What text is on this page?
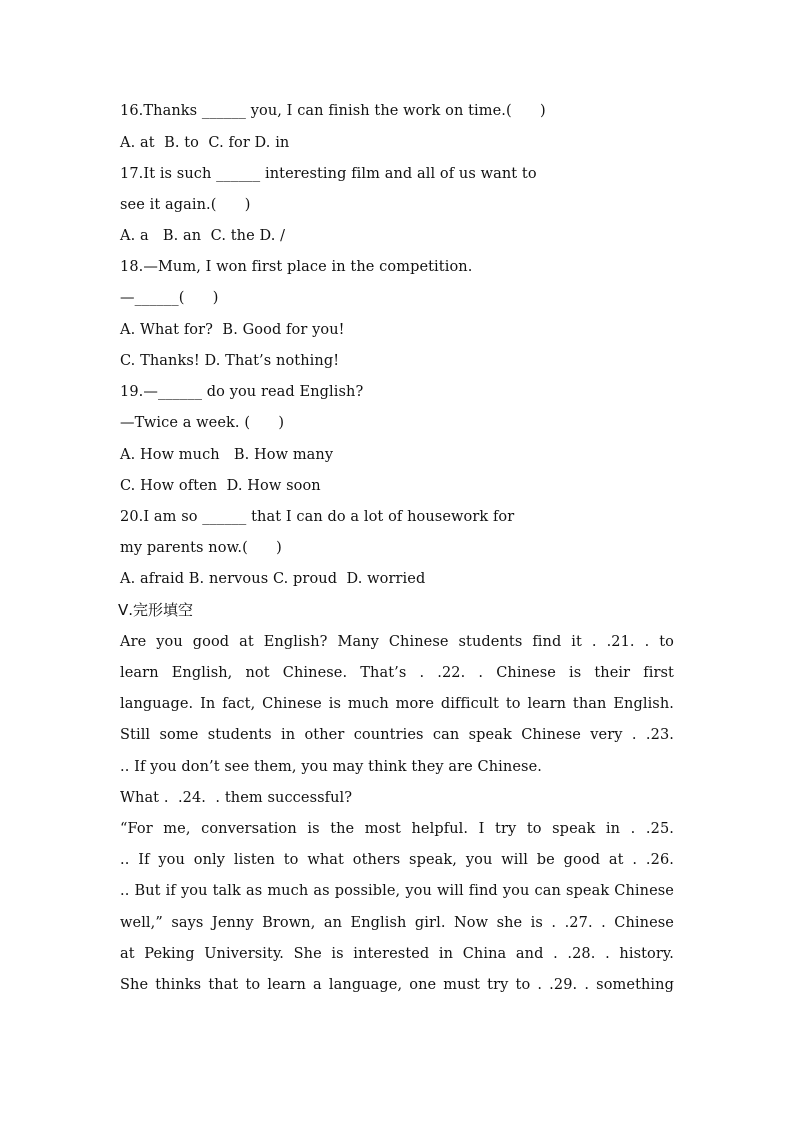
16.Thanks ______ you, I can finish the work on time.(      )
A. at  B. to  C. for D. in
17.It is such ______ interesting film and all of us want to
see it again.(      )
A. a   B. an  C. the D. /
18.—Mum, I won first place in the competition.
—______(      )
A. What for?  B. Good for you!
C. Thanks! D. That’s nothing!
19.—______ do you read English?
—Twice a week. (      )
A. How much   B. How many
C. How often  D. How soon
20.I am so ______ that I can do a lot of housework for
my parents now.(      )
A. afraid B. nervous C. proud  D. worried
Ⅴ.完形填空
Are you good at English? Many Chinese students find it . .21. . to
learn English, not Chinese. That’s . .22. . Chinese is their first
language. In fact, Chinese is much more difficult to learn than English.
Still some students in other countries can speak Chinese very . .23.
.. If you don’t see them, you may think they are Chinese.
What .  .24.  . them successful?
“For me, conversation is the most helpful. I try to speak in . .25.
.. If you only listen to what others speak, you will be good at . .26.
.. But if you talk as much as possible, you will find you can speak Chinese
well,” says Jenny Brown, an English girl. Now she is . .27. . Chinese
at Peking University. She is interested in China and . .28. . history.
She thinks that to learn a language, one must try to . .29. . something
